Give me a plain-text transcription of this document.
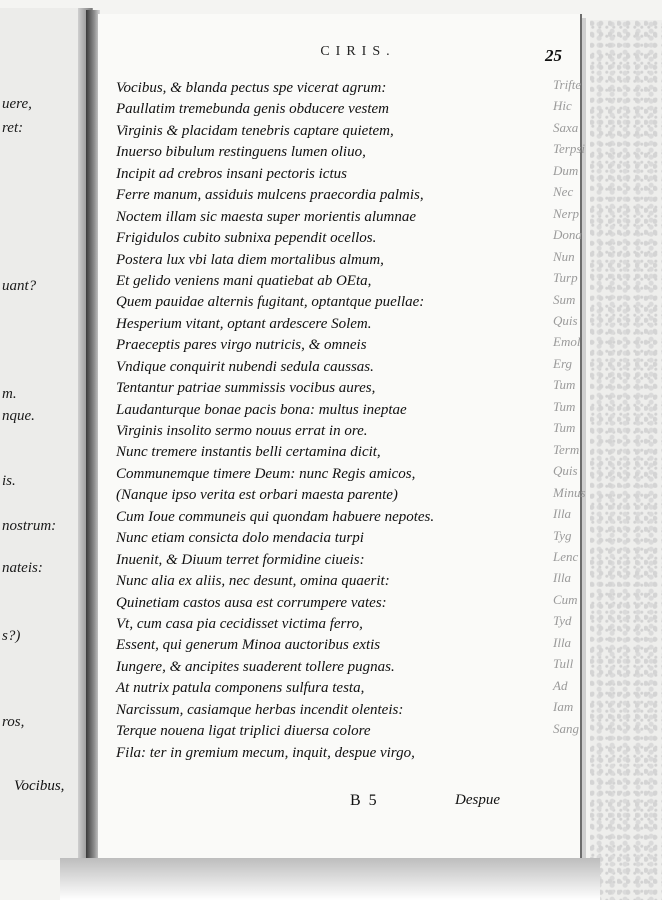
uere,
ret:
uant?
m.
nque.
is.
nostrum:
nateis:
s?)
ros,
Vocibus,
CIRIS.	25
Vocibus, & blanda pectus spe vicerat agrum:
Paullatim tremebunda genis obducere vestem
Virginis & placidam tenebris captare quietem,
Inuerso bibulum restinguens lumen oliuo,
Incipit ad crebros insani pectoris ictus
Ferre manum, assiduis mulcens praecordia palmis,
Noctem illam sic maesta super morientis alumnae
Frigidulos cubito subnixa pependit ocellos.
Postera lux vbi lata diem mortalibus almum,
Et gelido veniens mani quatiebat ab OEta,
Quem pauidae alternis fugitant, optantque puellae:
Hesperium vitant, optant ardescere Solem.
Praeceptis pares virgo nutricis, & omneis
Vndique conquirit nubendi sedula caussas.
Tentantur patriae summissis vocibus aures,
Laudanturque bonae pacis bona: multus ineptae
Virginis insolito sermo nouus errat in ore.
Nunc tremere instantis belli certamina dicit,
Communemque timere Deum: nunc Regis amicos,
(Nanque ipso verita est orbari maesta parente)
Cum Ioue communeis qui quondam habuere nepotes.
Nunc etiam consicta dolo mendacia turpi
Inuenit, & Diuum terret formidine ciueis:
Nunc alia ex aliis, nec desunt, omina quaerit:
Quinetiam castos ausa est corrumpere vates:
Vt, cum casa pia cecidisset victima ferro,
Essent, qui generum Minoa auctoribus extis
Iungere, & ancipites suaderent tollere pugnas.
At nutrix patula componens sulfura testa,
Narcissum, casiamque herbas incendit olenteis:
Terque nouena ligat triplici diuersa colore
Fila: ter in gremium mecum, inquit, despue virgo,
Trifte
Hic
Saxa
Terpsi
Dum
Nec
Nerp
Dona
Nun
Turp
Sum
Quis
Emol
Erg
Tum
Tum
Tum
Term
Quis
Minus
Illa
Tyg
Lenc
Illa
Cum
Tyd
Illa
Tull
Ad
Iam
Sang
B 5	Despue
